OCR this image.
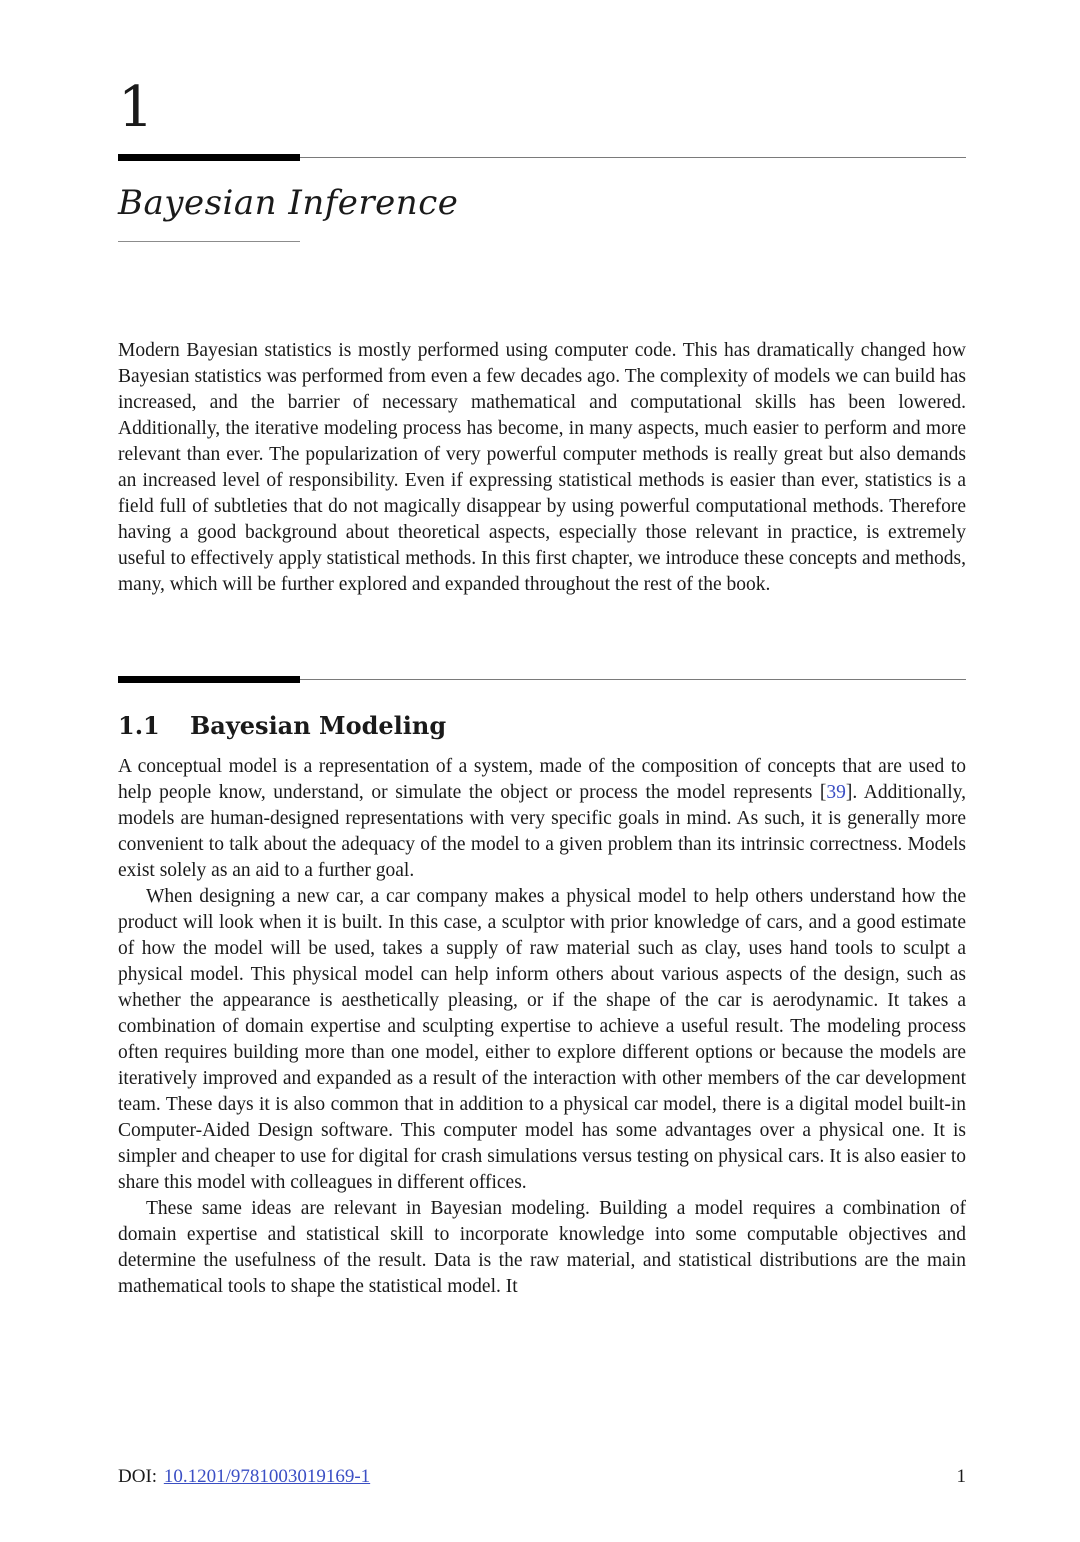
1
Bayesian Inference

Modern Bayesian statistics is mostly performed using computer code. This has dramatically changed how Bayesian statistics was performed from even a few decades ago. The complexity of models we can build has increased, and the barrier of necessary mathematical and computational skills has been lowered. Additionally, the iterative modeling process has become, in many aspects, much easier to perform and more relevant than ever. The popularization of very powerful computer methods is really great but also demands an increased level of responsibility. Even if expressing statistical methods is easier than ever, statistics is a field full of subtleties that do not magically disappear by using powerful computational methods. Therefore having a good background about theoretical aspects, especially those relevant in practice, is extremely useful to effectively apply statistical methods. In this first chapter, we introduce these concepts and methods, many, which will be further explored and expanded throughout the rest of the book.

1.1	Bayesian Modeling

A conceptual model is a representation of a system, made of the composition of concepts that are used to help people know, understand, or simulate the object or process the model represents [39]. Additionally, models are human-designed representations with very specific goals in mind. As such, it is generally more convenient to talk about the adequacy of the model to a given problem than its intrinsic correctness. Models exist solely as an aid to a further goal.

When designing a new car, a car company makes a physical model to help others understand how the product will look when it is built. In this case, a sculptor with prior knowledge of cars, and a good estimate of how the model will be used, takes a supply of raw material such as clay, uses hand tools to sculpt a physical model. This physical model can help inform others about various aspects of the design, such as whether the appearance is aesthetically pleasing, or if the shape of the car is aerodynamic. It takes a combination of domain expertise and sculpting expertise to achieve a useful result. The modeling process often requires building more than one model, either to explore different options or because the models are iteratively improved and expanded as a result of the interaction with other members of the car development team. These days it is also common that in addition to a physical car model, there is a digital model built-in Computer-Aided Design software. This computer model has some advantages over a physical one. It is simpler and cheaper to use for digital for crash simulations versus testing on physical cars. It is also easier to share this model with colleagues in different offices.

These same ideas are relevant in Bayesian modeling. Building a model requires a combination of domain expertise and statistical skill to incorporate knowledge into some computable objectives and determine the usefulness of the result. Data is the raw material, and statistical distributions are the main mathematical tools to shape the statistical model. It

DOI: 10.1201/9781003019169-1	1
